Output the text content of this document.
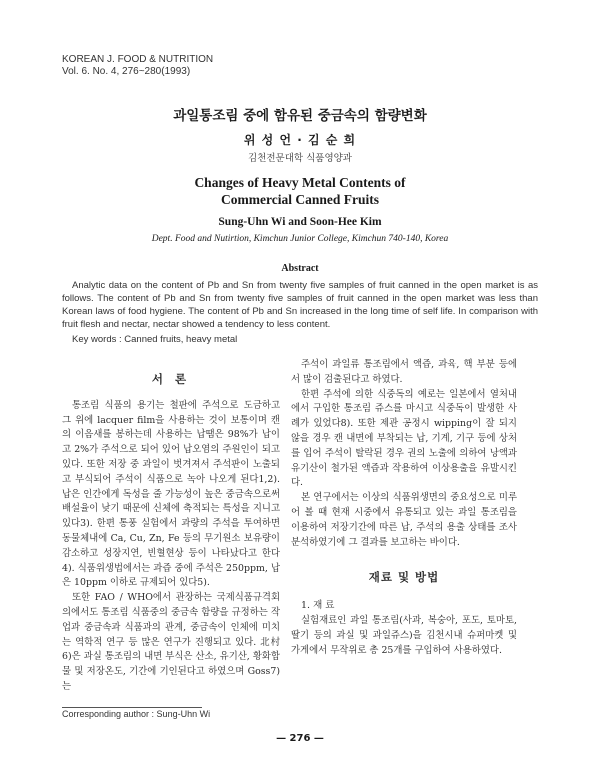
KOREAN J. FOOD & NUTRITION
Vol. 6. No. 4, 276~280(1993)
과일통조림 중에 함유된 중금속의 함량변화
위 성 언 · 김 순 희
김천전문대학 식품영양과
Changes of Heavy Metal Contents of
Commercial Canned Fruits
Sung-Uhn Wi and Soon-Hee Kim
Dept. Food and Nutirtion, Kimchun Junior College, Kimchun 740-140, Korea
Abstract

Analytic data on the content of Pb and Sn from twenty five samples of fruit canned in the open market is as follows. The content of Pb and Sn from twenty five samples of fruit canned in the open market was less than Korean laws of food hygiene. The content of Pb and Sn increased in the long time of self life. In comparison with fruit flesh and nectar, nectar showed a tendency to less content.

Key words : Canned fruits, heavy metal
서 론

통조림 식품의 용기는 철판에 주석으로 도금하고 그 위에 lacquer film을 사용하는 것이 보통이며 캔의 이음새를 봉하는데 사용하는 납땜은 98%가 납이고 2%가 주석으로 되어 있어 납오염의 주원인이 되고 있다. 또한 저장 중 과일이 벗겨져서 주석판이 노출되고 부식되어 주석이 식품으로 녹아 나오게 된다1,2). 납은 인간에게 독성을 줄 가능성이 높은 중금속으로써 배설율이 낮기 때문에 신체에 축적되는 특성을 지니고 있다3). 한편 통풍 실험에서 과량의 주석을 투여하면 동물체내에 Ca, Cu, Zn, Fe 등의 무기원소 보유량이 감소하고 성장지연, 빈혈현상 등이 나타났다고 한다4). 식품위생법에서는 과즙 중에 주석은 250ppm, 납은 10ppm 이하로 규제되어 있다5).

또한 FAO / WHO에서 관장하는 국제식품규격회의에서도 통조림 식품중의 중금속 함량을 규정하는 작업과 중금속과 식품과의 관계, 중금속이 인체에 미치는 역학적 연구 등 많은 연구가 진행되고 있다. 北村6)은 과실 통조림의 내면 부식은 산소, 유기산, 황화합물 및 저장온도, 기간에 기인된다고 하였으며 Goss7)는

주석이 과일류 통조림에서 액즙, 과육, 핵 부분 등에서 많이 검출된다고 하였다.

한편 주석에 의한 식중독의 예로는 일본에서 열처내에서 구입한 통조림 쥬스를 마시고 식중독이 발생한 사례가 있었다8). 또한 제관 공정시 wipping이 잘 되지 않을 경우 캔 내면에 부착되는 납, 기계, 기구 등에 상처를 입어 주석이 탈락된 경우 권의 노출에 의하여 낭액과 유기산이 철가된 액즙과 작용하여 이상용출을 유발시킨다.

본 연구에서는 이상의 식품위생면의 중요성으로 미루어 볼 때 현재 시중에서 유통되고 있는 과일 통조림을 이용하여 저장기간에 따른 납, 주석의 용출 상태를 조사 분석하였기에 그 결과를 보고하는 바이다.

재료 및 방법

1. 재 료

실험재료인 과일 통조림(사과, 복숭아, 포도, 토마토, 딸기 등의 과실 및 과일쥬스)을 김천시내 슈퍼마켓 및 가게에서 무작위로 총 25개를 구입하여 사용하였다.

Corresponding author : Sung-Uhn Wi
— 276 —
